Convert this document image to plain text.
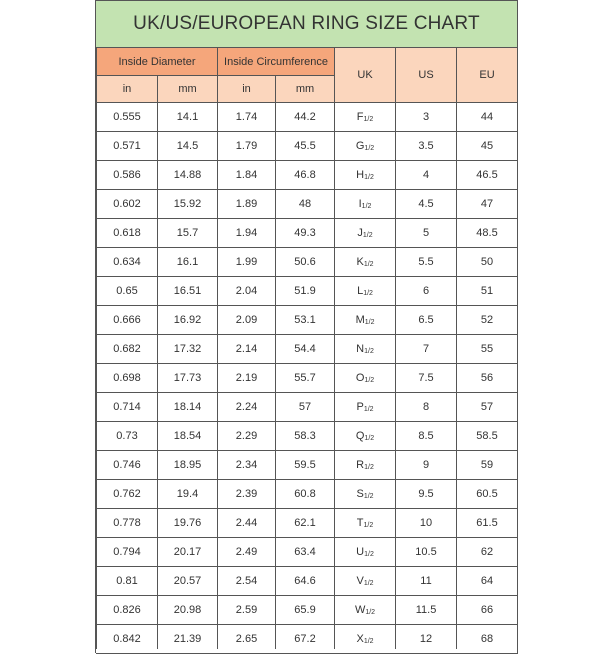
UK/US/EUROPEAN RING SIZE CHART
Inside Diameter		Inside Circumference		UK	US	EU
in	mm	in	mm			
0.555	14.1	1.74	44.2	F1/2	3	44
0.571	14.5	1.79	45.5	G1/2	3.5	45
0.586	14.88	1.84	46.8	H1/2	4	46.5
0.602	15.92	1.89	48	I1/2	4.5	47
0.618	15.7	1.94	49.3	J1/2	5	48.5
0.634	16.1	1.99	50.6	K1/2	5.5	50
0.65	16.51	2.04	51.9	L1/2	6	51
0.666	16.92	2.09	53.1	M1/2	6.5	52
0.682	17.32	2.14	54.4	N1/2	7	55
0.698	17.73	2.19	55.7	O1/2	7.5	56
0.714	18.14	2.24	57	P1/2	8	57
0.73	18.54	2.29	58.3	Q1/2	8.5	58.5
0.746	18.95	2.34	59.5	R1/2	9	59
0.762	19.4	2.39	60.8	S1/2	9.5	60.5
0.778	19.76	2.44	62.1	T1/2	10	61.5
0.794	20.17	2.49	63.4	U1/2	10.5	62
0.81	20.57	2.54	64.6	V1/2	11	64
0.826	20.98	2.59	65.9	W1/2	11.5	66
0.842	21.39	2.65	67.2	X1/2	12	68
